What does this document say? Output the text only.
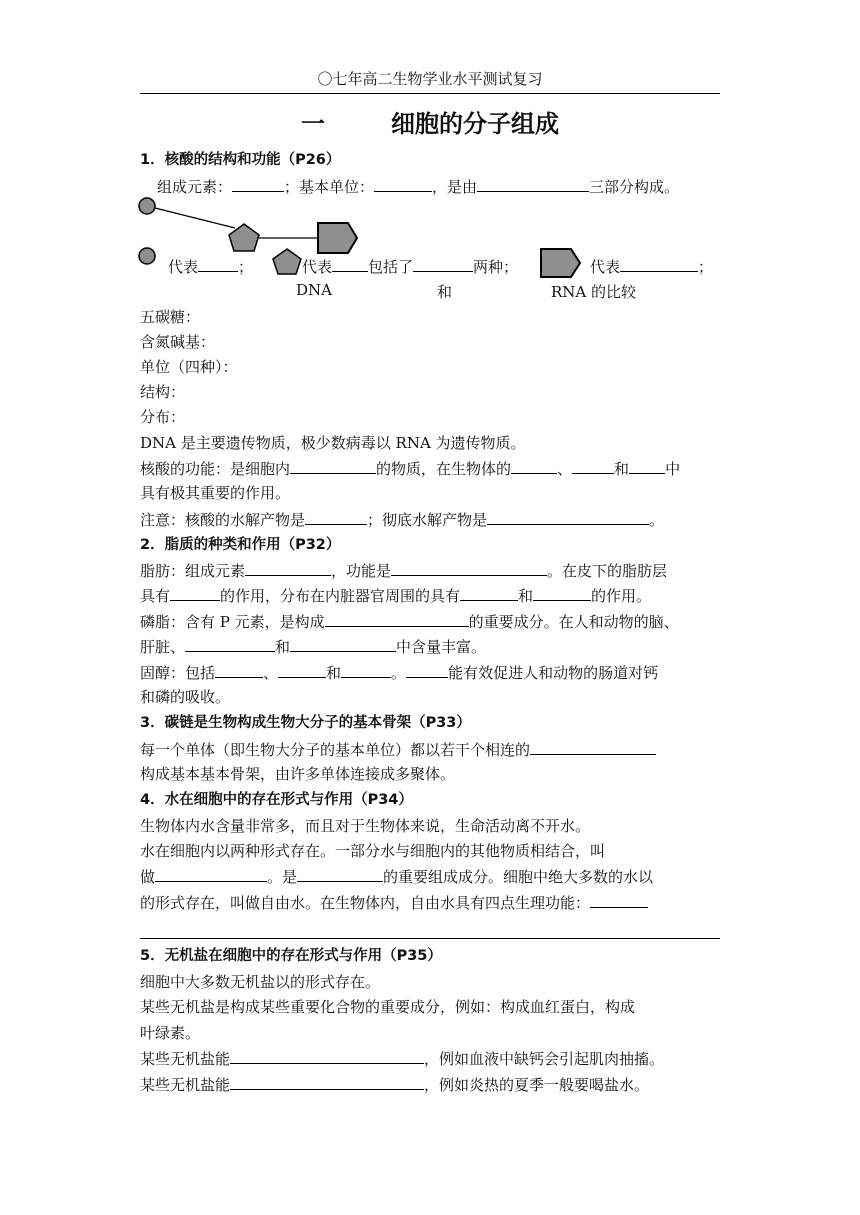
〇七年高二生物学业水平测试复习
一	细胞的分子组成
1．核酸的结构和功能（P26）
组成元素：	；基本单位：	，是由	三部分构成。
代表	；	代表 包括了	两种；	代表	；
DNA	和	RNA 的比较
五碳糖：
含氮碱基：
单位（四种）：
结构：
分布：
DNA 是主要遗传物质，极少数病毒以 RNA 为遗传物质。
核酸的功能：是细胞内	的物质，在生物体的	、	和 中
具有极其重要的作用。
注意：核酸的水解产物是	；彻底水解产物是	。
2．脂质的种类和作用（P32）
脂肪：组成元素	，功能是	。在皮下的脂肪层
具有	的作用，分布在内脏器官周围的具有	和	的作用。
磷脂：含有 P 元素，是构成	的重要成分。在人和动物的脑、
肝脏、	和	中含量丰富。
固醇：包括	、	和	。	能有效促进人和动物的肠道对钙
和磷的吸收。
3．碳链是生物构成生物大分子的基本骨架（P33）
每一个单体（即生物大分子的基本单位）都以若干个相连的
构成基本基本骨架，由许多单体连接成多聚体。
4．水在细胞中的存在形式与作用（P34）
生物体内水含量非常多，而且对于生物体来说，生命活动离不开水。
水在细胞内以两种形式存在。一部分水与细胞内的其他物质相结合，叫
做	。是	的重要组成成分。细胞中绝大多数的水以
的形式存在，叫做自由水。在生物体内，自由水具有四点生理功能：
5．无机盐在细胞中的存在形式与作用（P35）
细胞中大多数无机盐以的形式存在。
某些无机盐是构成某些重要化合物的重要成分，例如：构成血红蛋白，构成
叶绿素。
某些无机盐能	，例如血液中缺钙会引起肌肉抽搐。
某些无机盐能	，例如炎热的夏季一般要喝盐水。
